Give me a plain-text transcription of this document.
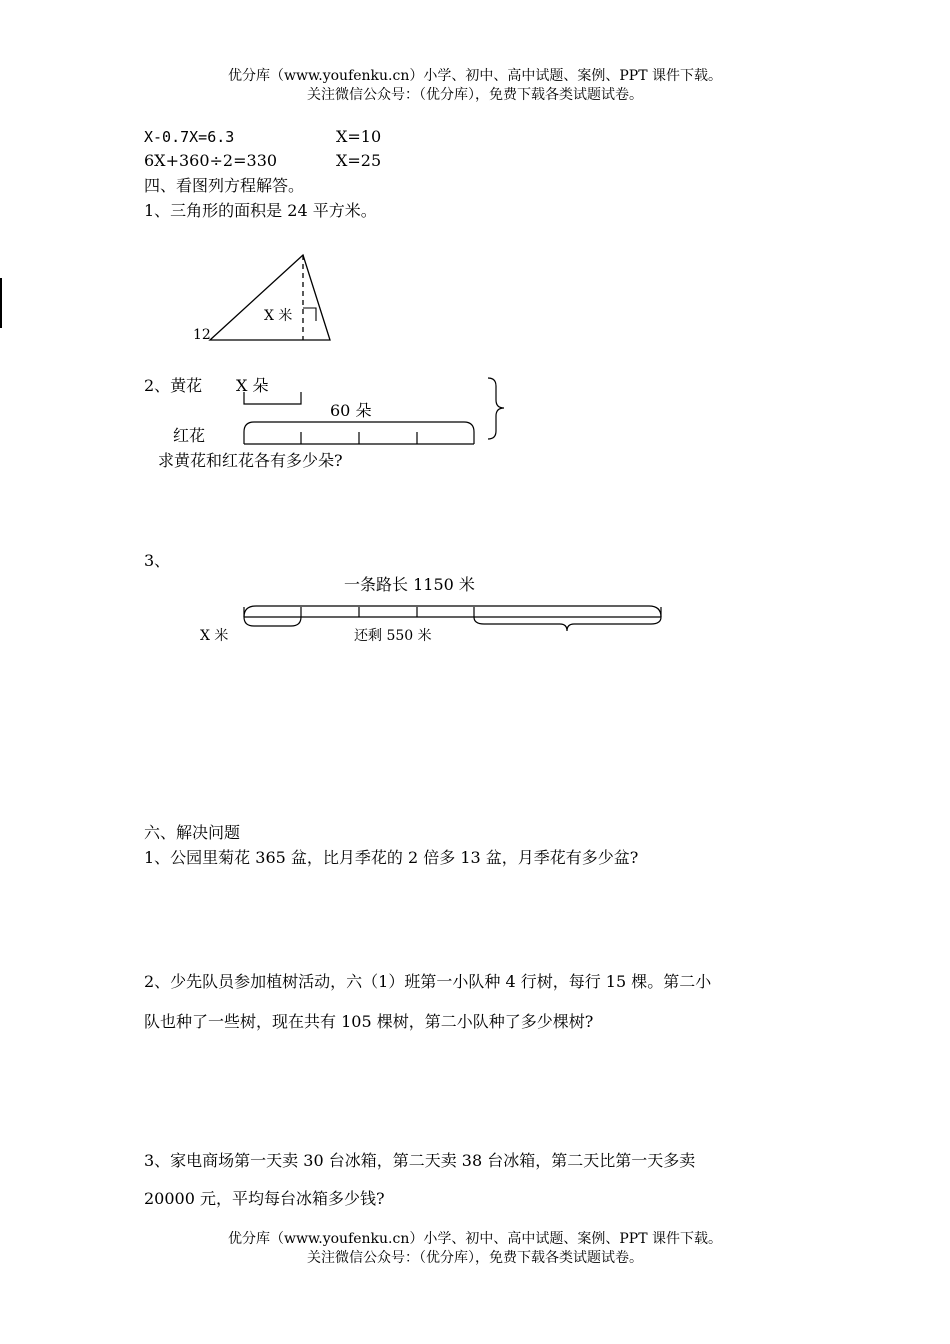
优分库（www.youfenku.cn）小学、初中、高中试题、案例、PPT 课件下载。
关注微信公众号：（优分库），免费下载各类试题试卷。
X-0.7X=6.3	X=10
6X+360÷2=330	X=25
四、看图列方程解答。
1、三角形的面积是 24 平方米。
X 米
12
2、黄花 X 朵
60 朵
红花
求黄花和红花各有多少朵?
3、
一条路长 1150 米
X 米	还剩 550 米
六、解决问题
1、公园里菊花 365 盆，比月季花的 2 倍多 13 盆，月季花有多少盆?
2、少先队员参加植树活动，六（1）班第一小队种 4 行树，每行 15 棵。第二小
队也种了一些树，现在共有 105 棵树，第二小队种了多少棵树?
3、家电商场第一天卖 30 台冰箱，第二天卖 38 台冰箱，第二天比第一天多卖
20000 元，平均每台冰箱多少钱?
优分库（www.youfenku.cn）小学、初中、高中试题、案例、PPT 课件下载。
关注微信公众号：（优分库），免费下载各类试题试卷。
